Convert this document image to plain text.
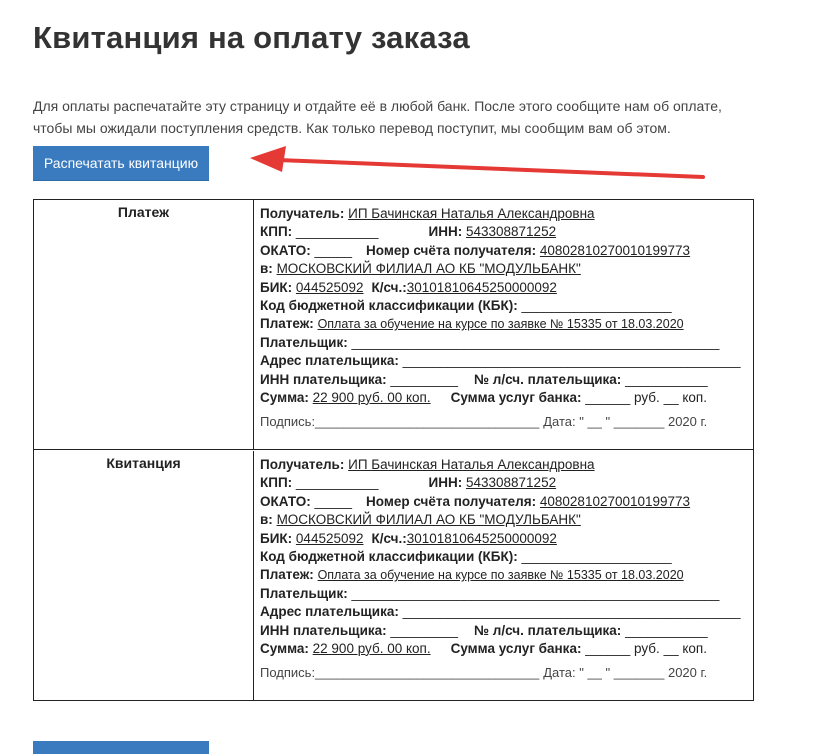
Квитанция на оплату заказа
Для оплаты распечатайте эту страницу и отдайте её в любой банк. После этого сообщите нам об оплате,
чтобы мы ожидали поступления средств. Как только перевод поступит, мы сообщим вам об этом.
Распечатать квитанцию
Платеж	Получатель: ИП Бачинская Наталья Александровна
КПП: ___________	ИНН: 543308871252
ОКАТО: _____ Номер счёта получателя: 40802810270010199773
в: МОСКОВСКИЙ ФИЛИАЛ АО КБ "МОДУЛЬБАНК"
БИК: 044525092 К/сч.:30101810645250000092
Код бюджетной классификации (КБК): ____________________
Платеж: Оплата за обучение на курсе по заявке № 15335 от 18.03.2020
Плательщик: _________________________________________________
Адрес плательщика: _____________________________________________
ИНН плательщика: _________ № л/сч. плательщика: ___________
Сумма: 22 900 руб. 00 коп. Сумма услуг банка: ______ руб. __ коп.
Подпись:_______________________________ Дата: " __ " _______ 2020 г.
Квитанция	Получатель: ИП Бачинская Наталья Александровна
КПП: ___________	ИНН: 543308871252
ОКАТО: _____ Номер счёта получателя: 40802810270010199773
в: МОСКОВСКИЙ ФИЛИАЛ АО КБ "МОДУЛЬБАНК"
БИК: 044525092 К/сч.:30101810645250000092
Код бюджетной классификации (КБК): ____________________
Платеж: Оплата за обучение на курсе по заявке № 15335 от 18.03.2020
Плательщик: _________________________________________________
Адрес плательщика: _____________________________________________
ИНН плательщика: _________ № л/сч. плательщика: ___________
Сумма: 22 900 руб. 00 коп. Сумма услуг банка: ______ руб. __ коп.
Подпись:_______________________________ Дата: " __ " _______ 2020 г.
